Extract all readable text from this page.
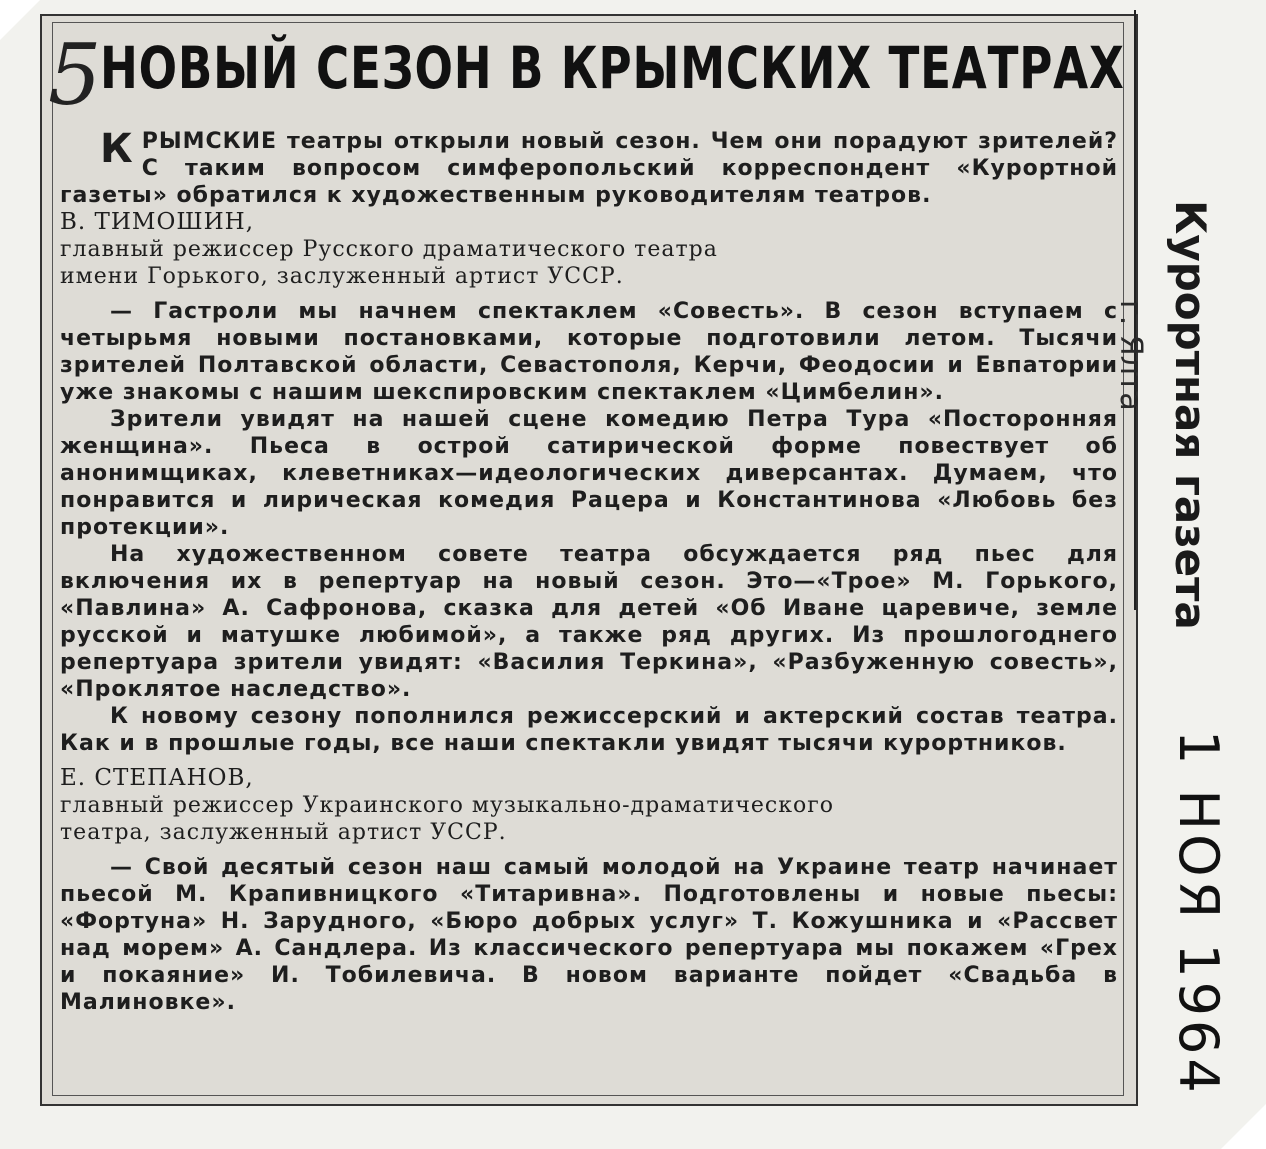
5
НОВЫЙ СЕЗОН В КРЫМСКИХ ТЕАТРАХ

КРЫМСКИЕ театры открыли новый сезон. Чем они порадуют зрителей? С таким вопросом симферопольский корреспондент «Курортной газеты» обратился к художественным руководителям театров.

В. ТИМОШИН,

главный режиссер Русского драматического театра

имени Горького, заслуженный артист УССР.

— Гастроли мы начнем спектаклем «Совесть». В сезон вступаем с четырьмя новыми постановками, которые подготовили летом. Тысячи зрителей Полтавской области, Севастополя, Керчи, Феодосии и Евпатории уже знакомы с нашим шекспировским спектаклем «Цимбелин».

Зрители увидят на нашей сцене комедию Петра Тура «Посторонняя женщина». Пьеса в острой сатирической форме повествует об анонимщиках, клеветниках—идеологических диверсантах. Думаем, что понравится и лирическая комедия Рацера и Константинова «Любовь без протекции».

На художественном совете театра обсуждается ряд пьес для включения их в репертуар на новый сезон. Это—«Трое» М. Горького, «Павлина» А. Сафронова, сказка для детей «Об Иване царевиче, земле русской и матушке любимой», а также ряд других. Из прошлогоднего репертуара зрители увидят: «Василия Теркина», «Разбуженную совесть», «Проклятое наследство».

К новому сезону пополнился режиссерский и актерский состав театра. Как и в прошлые годы, все наши спектакли увидят тысячи курортников.

Е. СТЕПАНОВ,

главный режиссер Украинского музыкально-драматического

театра, заслуженный артист УССР.

— Свой десятый сезон наш самый молодой на Украине театр начинает пьесой М. Крапивницкого «Титаривна». Подготовлены и новые пьесы: «Фортуна» Н. Зарудного, «Бюро добрых услуг» Т. Кожушника и «Рассвет над морем» А. Сандлера. Из классического репертуара мы покажем «Грех и покаяние» И. Тобилевича. В новом варианте пойдет «Свадьба в Малиновке».

Курортная газета
г. Ялта
1 НОЯ 1964
